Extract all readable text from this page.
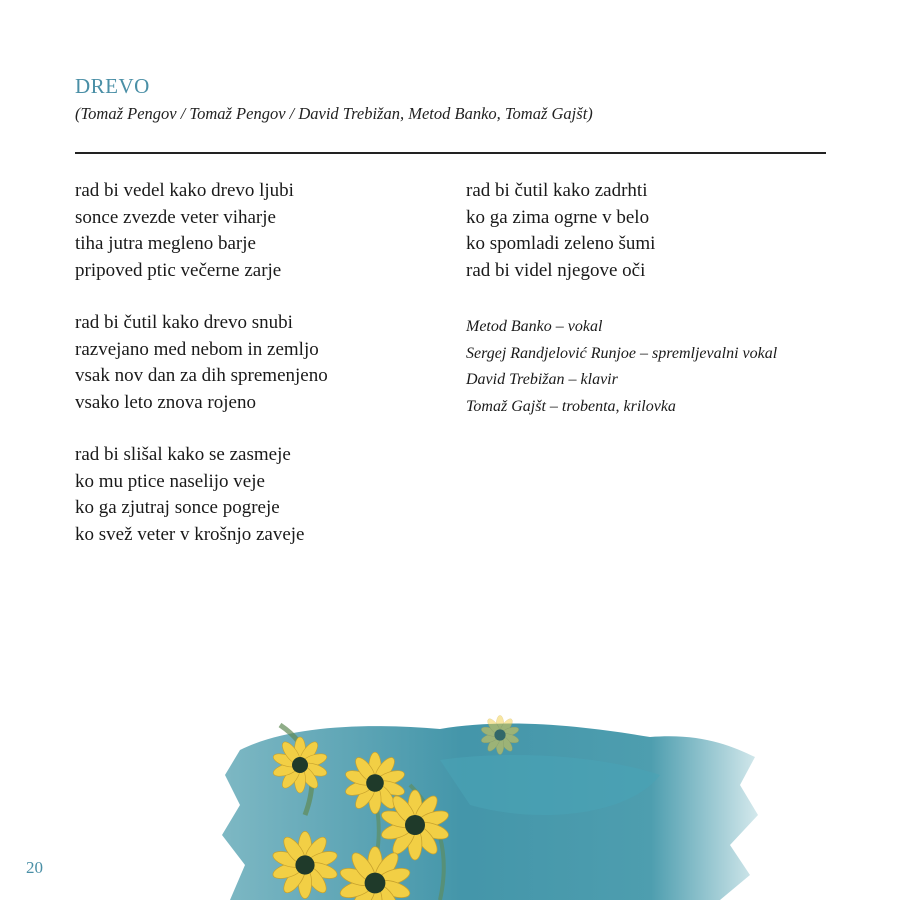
DREVO
(Tomaž Pengov / Tomaž Pengov / David Trebižan, Metod Banko, Tomaž Gajšt)
rad bi vedel kako drevo ljubi
sonce zvezde veter viharje
tiha jutra megleno barje
pripoved ptic večerne zarje
rad bi čutil kako drevo snubi
razvejano med nebom in zemljo
vsak nov dan za dih spremenjeno
vsako leto znova rojeno
rad bi slišal kako se zasmeje
ko mu ptice naselijo veje
ko ga zjutraj sonce pogreje
ko svež veter v krošnjo zaveje
rad bi čutil kako zadrhti
ko ga zima ogrne v belo
ko spomladi zeleno šumi
rad bi videl njegove oči
Metod Banko – vokal
Sergej Randjelović Runjoe – spremljevalni vokal
David Trebižan – klavir
Tomaž Gajšt – trobenta, krilovka
20
